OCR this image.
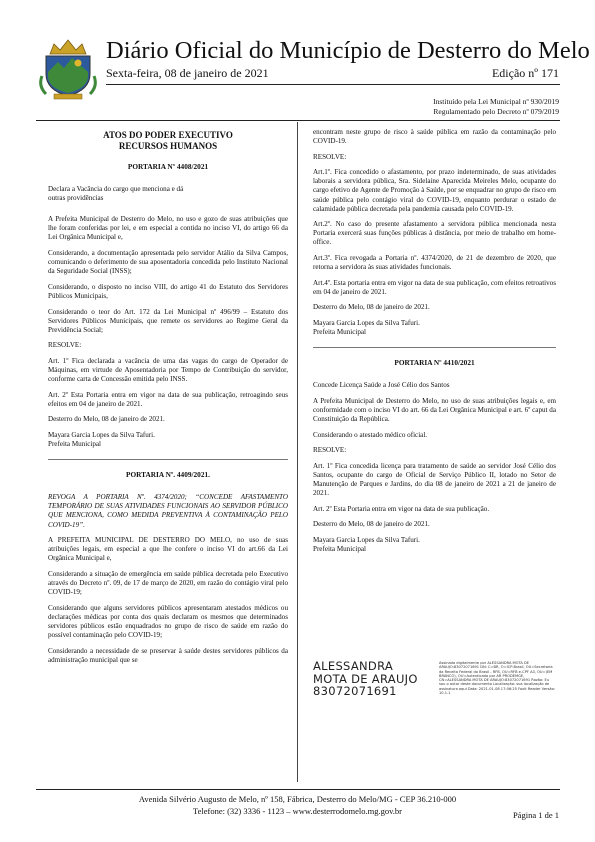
Diário Oficial do Município de Desterro do Melo
Sexta-feira, 08 de janeiro de 2021	Edição nº 171
Instituído pela Lei Municipal nº 930/2019
Regulamentado pelo Decreto nº 079/2019

ATOS DO PODER EXECUTIVO
RECURSOS HUMANOS

PORTARIA Nº 4408/2021

Declara a Vacância do cargo que menciona e dá outras providências

A Prefeita Municipal de Desterro do Melo, no uso e gozo de suas atribuições que lhe foram conferidas por lei, e em especial a contida no inciso VI, do artigo 66 da Lei Orgânica Municipal e,

Considerando, a documentação apresentada pelo servidor Atálio da Silva Campos, comunicando o deferimento de sua aposentadoria concedida pelo Instituto Nacional da Seguridade Social (INSS);

Considerando, o disposto no inciso VIII, do artigo 41 do Estatuto dos Servidores Públicos Municipais,

Considerando o teor do Art. 172 da Lei Municipal nº 496/99 – Estatuto dos Servidores Públicos Municipais, que remete os servidores ao Regime Geral da Previdência Social;

RESOLVE:

Art. 1º Fica declarada a vacância de uma das vagas do cargo de Operador de Máquinas, em virtude de Aposentadoria por Tempo de Contribuição do servidor, conforme carta de Concessão emitida pelo INSS.

Art. 2º Esta Portaria entra em vigor na data de sua publicação, retroagindo seus efeitos em 04 de janeiro de 2021.

Desterro do Melo, 08 de janeiro de 2021.

Mayara Garcia Lopes da Silva Tafuri.

Prefeita Municipal

PORTARIA Nº. 4409/2021.

REVOGA A PORTARIA Nº. 4374/2020; “CONCEDE AFASTAMENTO TEMPORÁRIO DE SUAS ATIVIDADES FUNCIONAIS AO SERVIDOR PÚBLICO QUE MENCIONA, COMO MEDIDA PREVENTIVA À CONTAMINAÇÃO PELO COVID-19”.

A PREFEITA MUNICIPAL DE DESTERRO DO MELO, no uso de suas atribuições legais, em especial a que lhe confere o inciso VI do art.66 da Lei Orgânica Municipal e,

Considerando a situação de emergência em saúde pública decretada pelo Executivo através do Decreto nº. 09, de 17 de março de 2020, em razão do contágio viral pelo COVID-19;

Considerando que alguns servidores públicos apresentaram atestados médicos ou declarações médicas por conta dos quais declaram os mesmos que determinados servidores públicos estão enquadrados no grupo de risco de saúde em razão do possível contaminação pelo COVID-19;

Considerando a necessidade de se preservar à saúde destes servidores públicos da administração municipal que se

encontram neste grupo de risco à saúde pública em razão da contaminação pelo COVID-19.

RESOLVE:

Art.1º. Fica concedido o afastamento, por prazo indeterminado, de suas atividades laborais a servidora pública, Sra. Sidelaine Aparecida Meireles Melo, ocupante do cargo efetivo de Agente de Promoção à Saúde, por se enquadrar no grupo de risco em saúde pública pelo contágio viral do COVID-19, enquanto perdurar o estado de calamidade pública decretada pela pandemia causada pelo COVID-19.

Art.2º. No caso do presente afastamento a servidora pública mencionada nesta Portaria exercerá suas funções públicas à distância, por meio de trabalho em home-office.

Art.3º. Fica revogada a Portaria nº. 4374/2020, de 21 de dezembro de 2020, que retorna a servidora às suas atividades funcionais.

Art.4º. Esta portaria entra em vigor na data de sua publicação, com efeitos retroativos em 04 de janeiro de 2021.

Desterro do Melo, 08 de janeiro de 2021.

Mayara Garcia Lopes da Silva Tafuri.

Prefeita Municipal

PORTARIA Nº 4410/2021

Concede Licença Saúde a José Célio dos Santos

A Prefeita Municipal de Desterro do Melo, no uso de suas atribuições legais e, em conformidade com o inciso VI do art. 66 da Lei Orgânica Municipal e art. 6º caput da Constituição da República.

Considerando o atestado médico oficial.

RESOLVE:

Art. 1º Fica concedida licença para tratamento de saúde ao servidor José Célio dos Santos, ocupante do cargo de Oficial de Serviço Público II, lotado no Setor de Manutenção de Parques e Jardins, do dia 08 de janeiro de 2021 a 21 de janeiro de 2021.

Art. 2º Esta Portaria entra em vigor na data de sua publicação.

Desterro do Melo, 08 de janeiro de 2021.

Mayara Garcia Lopes da Silva Tafuri.

Prefeita Municipal

ALESSANDRA
MOTA DE ARAUJO
83072071691
Assinado digitalmente por ALESSANDRA MOTA DE ARAUJO:83072071691 DN: C=BR, O=ICP-Brasil, OU=Secretaria da Receita Federal do Brasil - RFB, OU=RFB e-CPF A3, OU=(EM BRANCO), OU=Autenticado por AR PRODEMGE, CN=ALESSANDRA MOTA DE ARAUJO:83072071691 Razão: Eu sou o autor deste documento Localização: sua localização de assinatura aqui Data: 2021-01-08 17:06:25 Foxit Reader Versão: 10.1.1
Avenida Silvério Augusto de Melo, nº 158, Fábrica, Desterro do Melo/MG - CEP 36.210-000
Telefone: (32) 3336 - 1123 – www.desterrodomelo.mg.gov.br	Página 1 de 1
